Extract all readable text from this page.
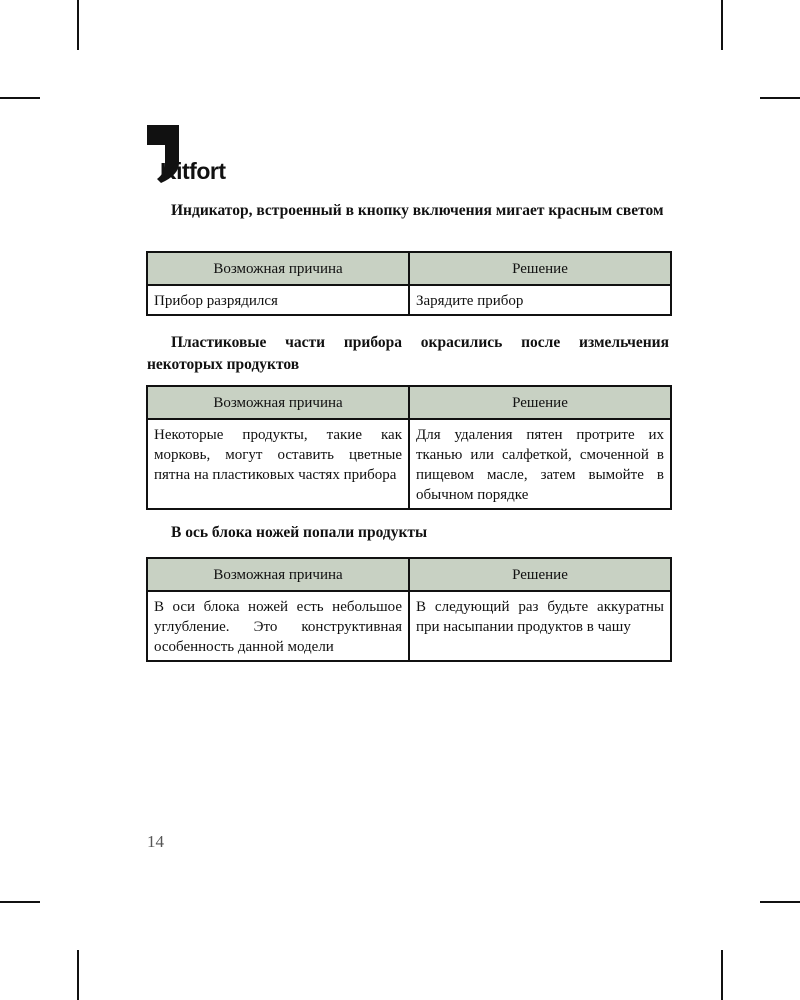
Kitfort
Индикатор, встроенный в кнопку включения мигает красным светом
Возможная причина	Решение
Прибор разрядился	Зарядите прибор
Пластиковые части прибора окрасились после измельчения некоторых продуктов
Возможная причина	Решение
Некоторые продукты, такие как морковь, могут оставить цветные пятна на пластиковых частях прибора	Для удаления пятен протрите их тканью или салфеткой, смоченной в пищевом масле, затем вымойте в обычном порядке
В ось блока ножей попали продукты
Возможная причина	Решение
В оси блока ножей есть небольшое углубление. Это конструктивная особенность данной модели	В следующий раз будьте аккуратны при насыпании продуктов в чашу
14
